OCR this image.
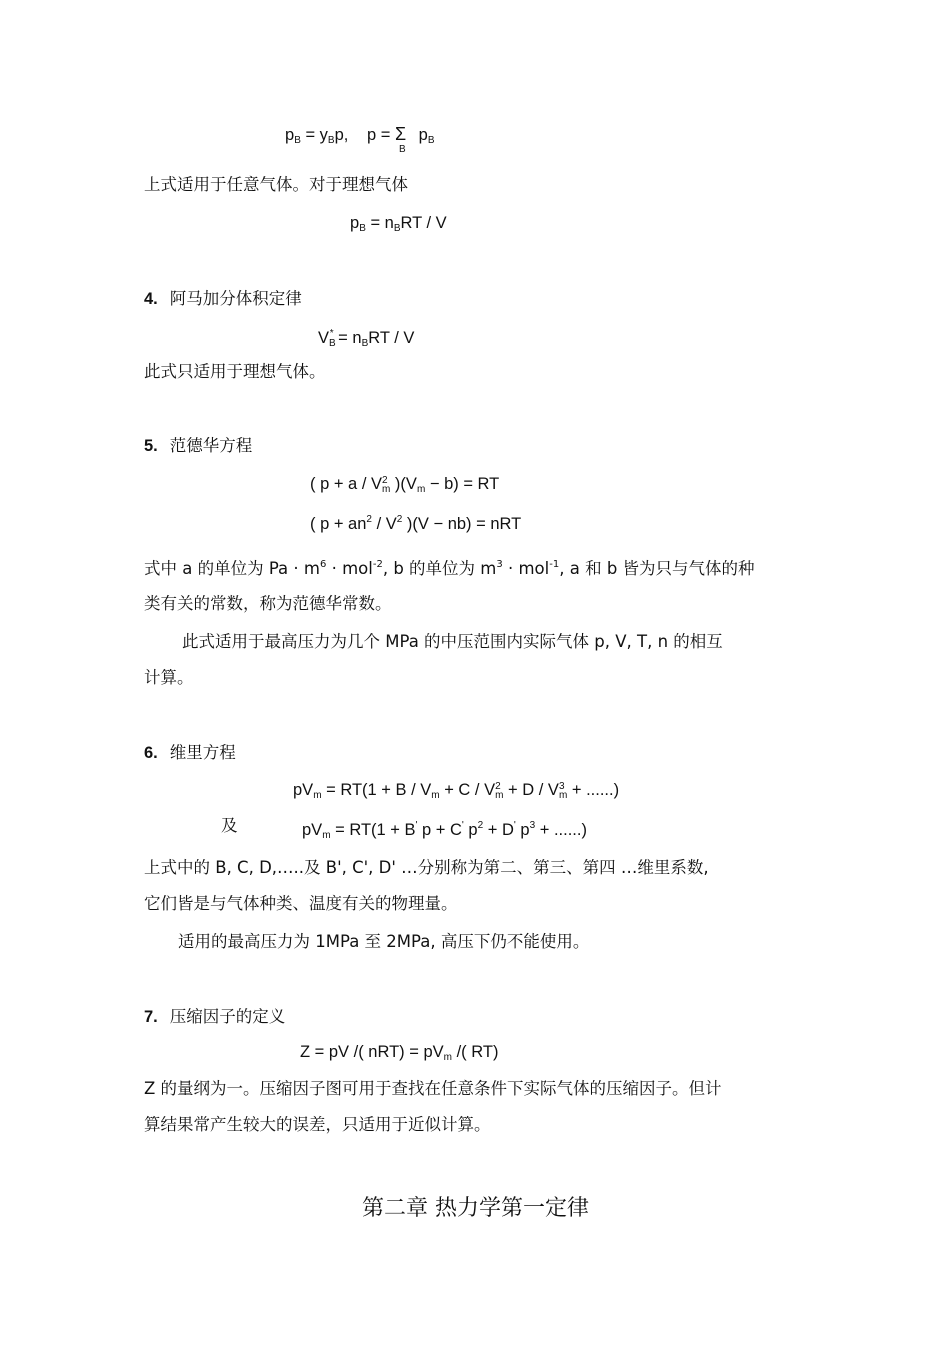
$p_B = y_Bp$, p = Σ
B
$p_B$
上式适用于任意气体。对于理想气体
$p_B = n_BRT / V$
4. 阿马加分体积定律
$V_B^* = n_BRT / V$
此式只适用于理想气体。
5. 范德华方程
( p + a / V 2
m )$(V_m - b)$ = RT
( $p + an^2 / V^2$ )(V − nb) = nRT
式中 a 的单位为 $Pa \cdot m^6 \cdot mol^{-2}$, b 的单位为 $m^3 \cdot mol^{-1}$, a 和 b 皆为只与气体的种
类有关的常数，称为范德华常数。
此式适用于最高压力为几个 MPa 的中压范围内实际气体 p, V, T, n 的相互
计算。
6. 维里方程
$pV_m = RT(1 + B / V_m + C / V$ 2
m + D / V 3
m + ......)
及	$pV_m = RT(1 + B'$ p + C' $p^2 + D'$ $p^3$ + ......)
上式中的 B, C, D,…..及 B', C', D' …分别称为第二、第三、第四 …维里系数,
它们皆是与气体种类、温度有关的物理量。
适用的最高压力为 1MPa 至 2MPa, 高压下仍不能使用。
7. 压缩因子的定义
Z = pV /( $nRT) = pV_m$ /( RT)
Z 的量纲为一。压缩因子图可用于查找在任意条件下实际气体的压缩因子。但计
算结果常产生较大的误差，只适用于近似计算。
第二章 热力学第一定律
